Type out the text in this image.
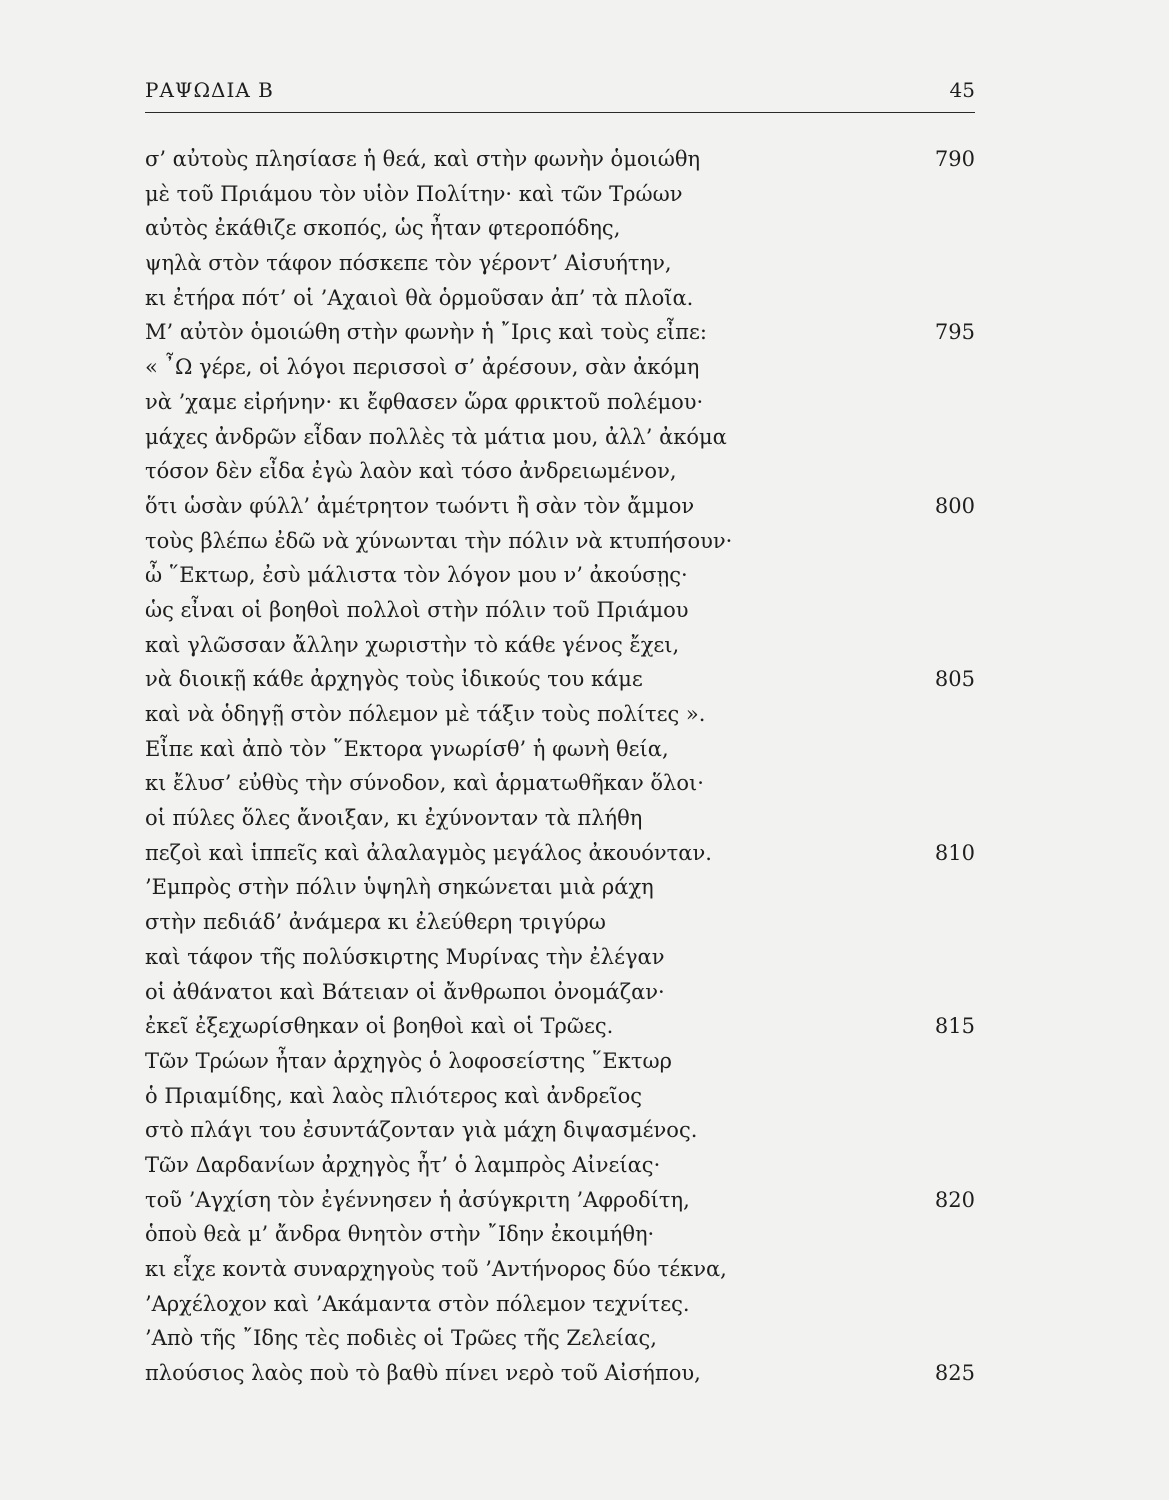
ΡΑΨΩΔΙΑ Β	45
σ’ αὐτοὺς πλησίασε ἡ θεά, καὶ στὴν φωνὴν ὁμοιώθη	790
μὲ τοῦ Πριάμου τὸν υἱὸν Πολίτην· καὶ τῶν Τρώων
αὐτὸς ἐκάθιζε σκοπός, ὡς ἦταν φτεροπόδης,
ψηλὰ στὸν τάφον πόσκεπε τὸν γέροντ’ Αἰσυήτην,
κι ἐτήρα πότ’ οἱ ’Αχαιοὶ θὰ ὁρμοῦσαν ἀπ’ τὰ πλοῖα.
Μ’ αὐτὸν ὁμοιώθη στὴν φωνὴν ἡ ῎Ιρις καὶ τοὺς εἶπε:	795
« ῏Ω γέρε, οἱ λόγοι περισσοὶ σ’ ἀρέσουν, σὰν ἀκόμη
νὰ ’χαμε εἰρήνην· κι ἔφθασεν ὥρα φρικτοῦ πολέμου·
μάχες ἀνδρῶν εἶδαν πολλὲς τὰ μάτια μου, ἀλλ’ ἀκόμα
τόσον δὲν εἶδα ἐγὼ λαὸν καὶ τόσο ἀνδρειωμένον,
ὅτι ὡσὰν φύλλ’ ἀμέτρητον τωόντι ἢ σὰν τὸν ἄμμον	800
τοὺς βλέπω ἐδῶ νὰ χύνωνται τὴν πόλιν νὰ κτυπήσουν·
ὦ ῞Εκτωρ, ἐσὺ μάλιστα τὸν λόγον μου ν’ ἀκούσῃς·
ὡς εἶναι οἱ βοηθοὶ πολλοὶ στὴν πόλιν τοῦ Πριάμου
καὶ γλῶσσαν ἄλλην χωριστὴν τὸ κάθε γένος ἔχει,
νὰ διοικῇ κάθε ἀρχηγὸς τοὺς ἰδικούς του κάμε	805
καὶ νὰ ὁδηγῇ στὸν πόλεμον μὲ τάξιν τοὺς πολίτες ».
Εἶπε καὶ ἀπὸ τὸν ῞Εκτορα γνωρίσθ’ ἡ φωνὴ θεία,
κι ἔλυσ’ εὐθὺς τὴν σύνοδον, καὶ ἁρματωθῆκαν ὅλοι·
οἱ πύλες ὅλες ἄνοιξαν, κι ἐχύνονταν τὰ πλήθη
πεζοὶ καὶ ἱππεῖς καὶ ἀλαλαγμὸς μεγάλος ἀκουόνταν.	810
’Εμπρὸς στὴν πόλιν ὑψηλὴ σηκώνεται μιὰ ράχη
στὴν πεδιάδ’ ἀνάμερα κι ἐλεύθερη τριγύρω
καὶ τάφον τῆς πολύσκιρτης Μυρίνας τὴν ἐλέγαν
οἱ ἀθάνατοι καὶ Βάτειαν οἱ ἄνθρωποι ὀνομάζαν·
ἐκεῖ ἐξεχωρίσθηκαν οἱ βοηθοὶ καὶ οἱ Τρῶες.	815
Τῶν Τρώων ἦταν ἀρχηγὸς ὁ λοφοσείστης ῞Εκτωρ
ὁ Πριαμίδης, καὶ λαὸς πλιότερος καὶ ἀνδρεῖος
στὸ πλάγι του ἐσυντάζονταν γιὰ μάχη διψασμένος.
Τῶν Δαρδανίων ἀρχηγὸς ἦτ’ ὁ λαμπρὸς Αἰνείας·
τοῦ ’Αγχίση τὸν ἐγέννησεν ἡ ἀσύγκριτη ’Αφροδίτη,	820
ὁποὺ θεὰ μ’ ἄνδρα θνητὸν στὴν ῎Ιδην ἐκοιμήθη·
κι εἶχε κοντὰ συναρχηγοὺς τοῦ ’Αντήνορος δύο τέκνα,
’Αρχέλοχον καὶ ’Ακάμαντα στὸν πόλεμον τεχνίτες.
’Απὸ τῆς ῎Ιδης τὲς ποδιὲς οἱ Τρῶες τῆς Ζελείας,
πλούσιος λαὸς ποὺ τὸ βαθὺ πίνει νερὸ τοῦ Αἰσήπου,	825
